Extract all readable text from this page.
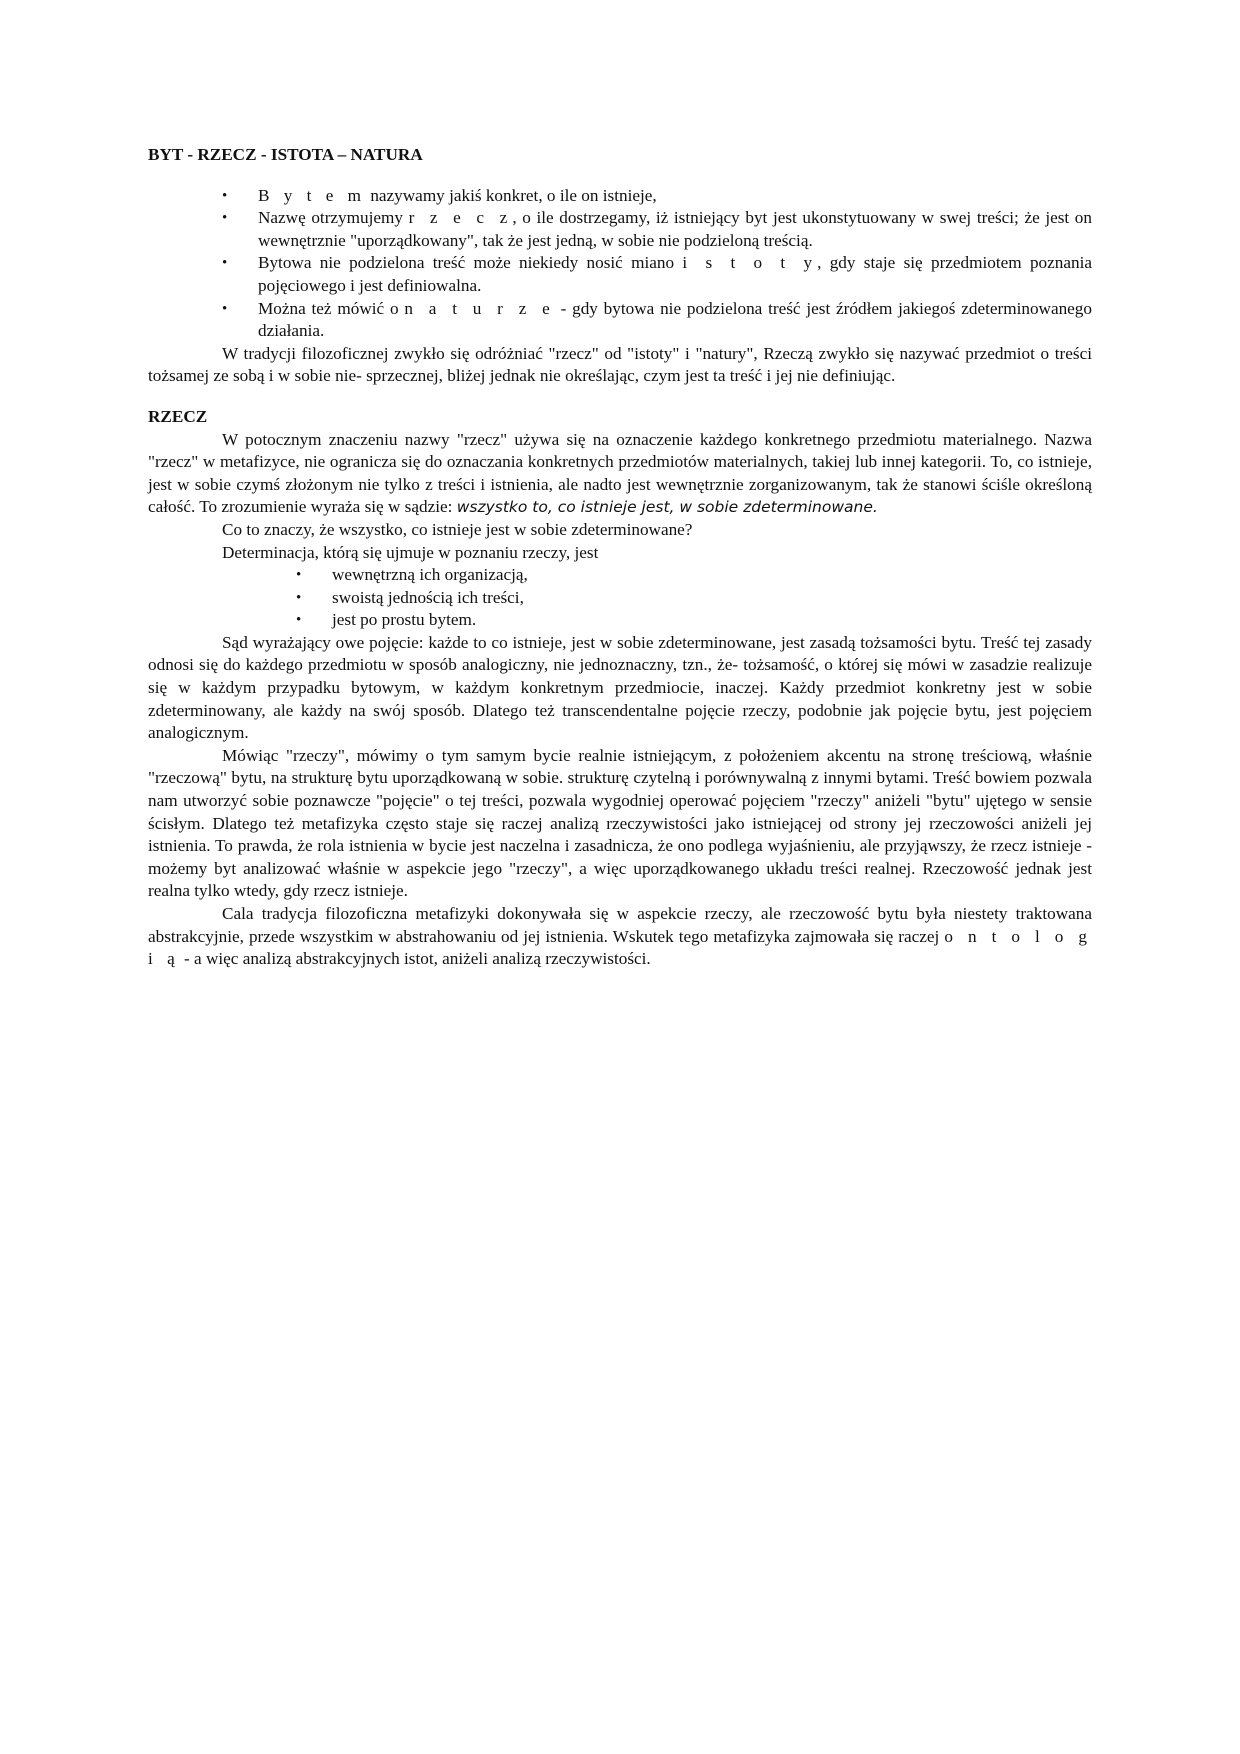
BYT - RZECZ - ISTOTA – NATURA
• B y t e m nazywamy jakiś konkret, o ile on istnieje,
• Nazwę otrzymujemy r z e c z, o ile dostrzegamy, iż istniejący byt jest ukonstytuowany w swej treści; że jest on wewnętrznie "uporządkowany", tak że jest jedną, w sobie nie podzieloną treścią.
• Bytowa nie podzielona treść może niekiedy nosić miano i s t o t y, gdy staje się przedmiotem poznania pojęciowego i jest definiowalna.
• Można też mówić o n a t u r z e - gdy bytowa nie podzielona treść jest źródłem jakiegoś zdeterminowanego działania.

W tradycji filozoficznej zwykło się odróżniać "rzecz" od "istoty" i "natury", Rzeczą zwykło się nazywać przedmiot o treści tożsamej ze sobą i w sobie nie- sprzecznej, bliżej jednak nie określając, czym jest ta treść i jej nie definiując.

RZECZ

W potocznym znaczeniu nazwy "rzecz" używa się na oznaczenie każdego konkretnego przedmiotu materialnego. Nazwa "rzecz" w metafizyce, nie ogranicza się do oznaczania konkretnych przedmiotów materialnych, takiej lub innej kategorii. To, co istnieje, jest w sobie czymś złożonym nie tylko z treści i istnienia, ale nadto jest wewnętrznie zorganizowanym, tak że stanowi ściśle określoną całość. To zrozumienie wyraża się w sądzie: wszystko to, co istnieje jest, w sobie zdeterminowane.

Co to znaczy, że wszystko, co istnieje jest w sobie zdeterminowane?

Determinacja, którą się ujmuje w poznaniu rzeczy, jest

• wewnętrzną ich organizacją,
• swoistą jednością ich treści,
• jest po prostu bytem.

Sąd wyrażający owe pojęcie: każde to co istnieje, jest w sobie zdeterminowane, jest zasadą tożsamości bytu. Treść tej zasady odnosi się do każdego przedmiotu w sposób analogiczny, nie jednoznaczny, tzn., że- tożsamość, o której się mówi w zasadzie realizuje się w każdym przypadku bytowym, w każdym konkretnym przedmiocie, inaczej. Każdy przedmiot konkretny jest w sobie zdeterminowany, ale każdy na swój sposób. Dlatego też transcendentalne pojęcie rzeczy, podobnie jak pojęcie bytu, jest pojęciem analogicznym.

Mówiąc "rzeczy", mówimy o tym samym bycie realnie istniejącym, z położeniem akcentu na stronę treściową, właśnie "rzeczową" bytu, na strukturę bytu uporządkowaną w sobie. strukturę czytelną i porównywalną z innymi bytami. Treść bowiem pozwala nam utworzyć sobie poznawcze "pojęcie" o tej treści, pozwala wygodniej operować pojęciem "rzeczy" aniżeli "bytu" ujętego w sensie ścisłym. Dlatego też metafizyka często staje się raczej analizą rzeczywistości jako istniejącej od strony jej rzeczowości aniżeli jej istnienia. To prawda, że rola istnienia w bycie jest naczelna i zasadnicza, że ono podlega wyjaśnieniu, ale przyjąwszy, że rzecz istnieje - możemy byt analizować właśnie w aspekcie jego "rzeczy", a więc uporządkowanego układu treści realnej. Rzeczowość jednak jest realna tylko wtedy, gdy rzecz istnieje.

Cala tradycja filozoficzna metafizyki dokonywała się w aspekcie rzeczy, ale rzeczowość bytu była niestety traktowana abstrakcyjnie, przede wszystkim w abstrahowaniu od jej istnienia. Wskutek tego metafizyka zajmowała się raczej o n t o l o g i ą - a więc analizą abstrakcyjnych istot, aniżeli analizą rzeczywistości.
